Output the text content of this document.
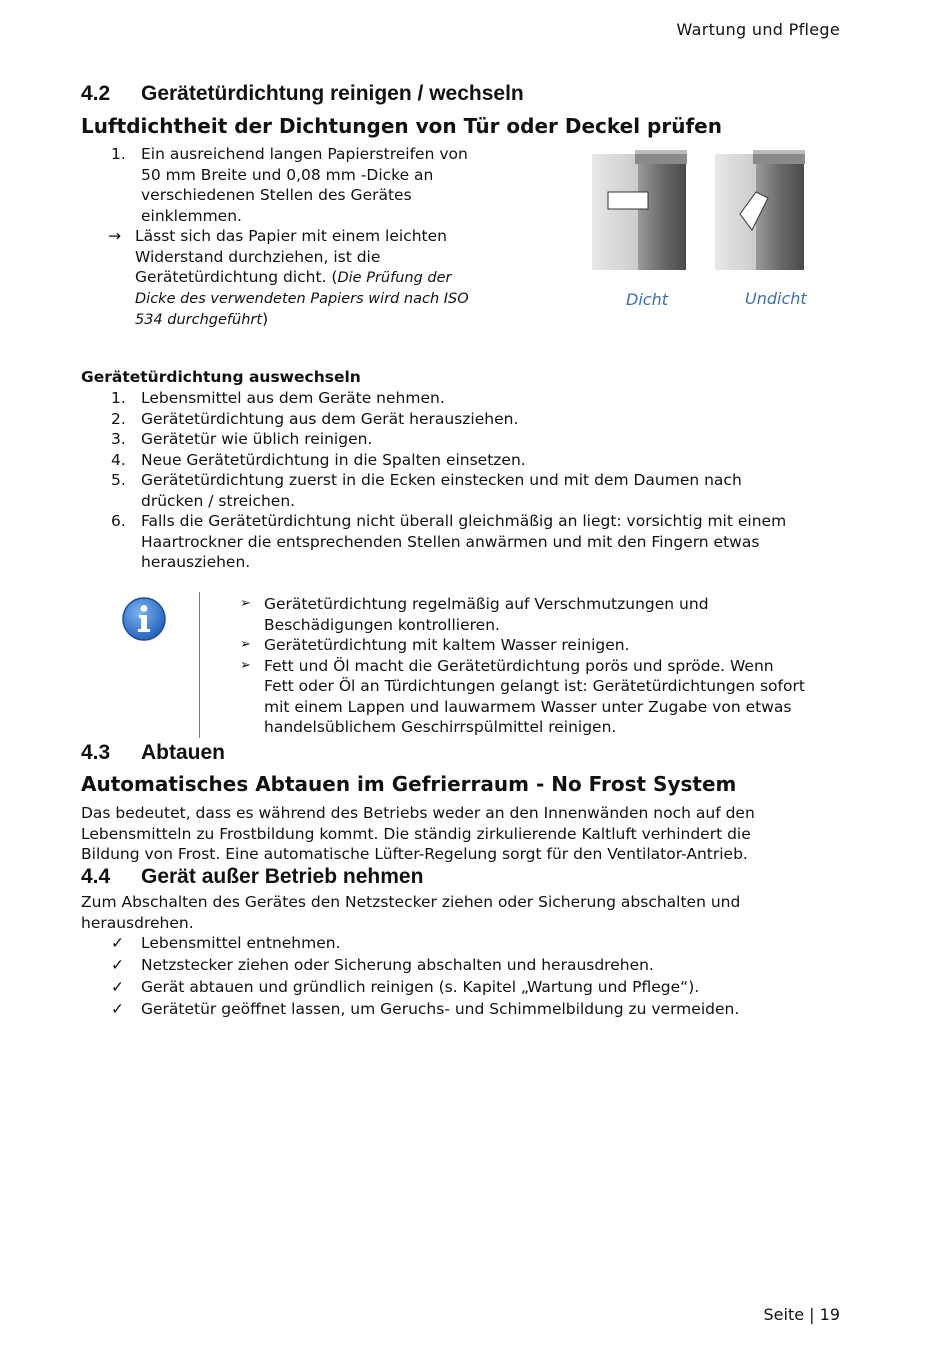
Wartung und Pflege
4.2 Gerätetürdichtung reinigen / wechseln
Luftdichtheit der Dichtungen von Tür oder Deckel prüfen
1. Ein ausreichend langen Papierstreifen von
50 mm Breite und 0,08 mm -Dicke an
verschiedenen Stellen des Gerätes
einklemmen.
→ Lässt sich das Papier mit einem leichten
Widerstand durchziehen, ist die
Gerätetürdichtung dicht. (Die Prüfung der
Dicke des verwendeten Papiers wird nach ISO
534 durchgeführt)
Dicht	Undicht
Gerätetürdichtung auswechseln
1. Lebensmittel aus dem Geräte nehmen.
2. Gerätetürdichtung aus dem Gerät herausziehen.
3. Gerätetür wie üblich reinigen.
4. Neue Gerätetürdichtung in die Spalten einsetzen.
5. Gerätetürdichtung zuerst in die Ecken einstecken und mit dem Daumen nach
drücken / streichen.
6. Falls die Gerätetürdichtung nicht überall gleichmäßig an liegt: vorsichtig mit einem
Haartrockner die entsprechenden Stellen anwärmen und mit den Fingern etwas
herausziehen.
➢ Gerätetürdichtung regelmäßig auf Verschmutzungen und
Beschädigungen kontrollieren.
➢ Gerätetürdichtung mit kaltem Wasser reinigen.
➢ Fett und Öl macht die Gerätetürdichtung porös und spröde. Wenn
Fett oder Öl an Türdichtungen gelangt ist: Gerätetürdichtungen sofort
mit einem Lappen und lauwarmem Wasser unter Zugabe von etwas
handelsüblichem Geschirrspülmittel reinigen.
4.3 Abtauen
Automatisches Abtauen im Gefrierraum - No Frost System
Das bedeutet, dass es während des Betriebs weder an den Innenwänden noch auf den
Lebensmitteln zu Frostbildung kommt. Die ständig zirkulierende Kaltluft verhindert die
Bildung von Frost. Eine automatische Lüfter-Regelung sorgt für den Ventilator-Antrieb.
4.4 Gerät außer Betrieb nehmen
Zum Abschalten des Gerätes den Netzstecker ziehen oder Sicherung abschalten und
herausdrehen.
✓ Lebensmittel entnehmen.
✓ Netzstecker ziehen oder Sicherung abschalten und herausdrehen.
✓ Gerät abtauen und gründlich reinigen (s. Kapitel „Wartung und Pflege“).
✓ Gerätetür geöffnet lassen, um Geruchs- und Schimmelbildung zu vermeiden.
Seite | 19
